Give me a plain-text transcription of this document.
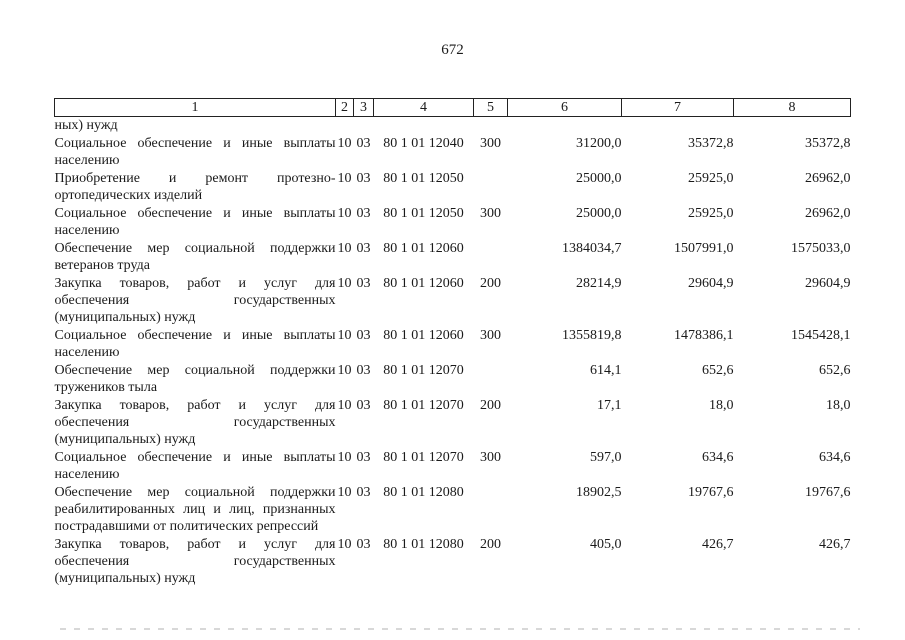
672
1	2	3	4	5	6	7	8
ных) нужд							
Социальное обеспечение и иные выплаты населению	10	03	80 1 01 12040	300	31200,0	35372,8	35372,8
Приобретение и ремонт протезно-ортопедических изделий	10	03	80 1 01 12050		25000,0	25925,0	26962,0
Социальное обеспечение и иные выплаты населению	10	03	80 1 01 12050	300	25000,0	25925,0	26962,0
Обеспечение мер социальной поддержки ветеранов труда	10	03	80 1 01 12060		1384034,7	1507991,0	1575033,0
Закупка товаров, работ и услуг для обеспечения государственных (муниципальных) нужд	10	03	80 1 01 12060	200	28214,9	29604,9	29604,9
Социальное обеспечение и иные выплаты населению	10	03	80 1 01 12060	300	1355819,8	1478386,1	1545428,1
Обеспечение мер социальной поддержки тружеников тыла	10	03	80 1 01 12070		614,1	652,6	652,6
Закупка товаров, работ и услуг для обеспечения государственных (муниципальных) нужд	10	03	80 1 01 12070	200	17,1	18,0	18,0
Социальное обеспечение и иные выплаты населению	10	03	80 1 01 12070	300	597,0	634,6	634,6
Обеспечение мер социальной поддержки реабилитированных лиц и лиц, признанных пострадавшими от политических репрессий	10	03	80 1 01 12080		18902,5	19767,6	19767,6
Закупка товаров, работ и услуг для обеспечения государственных (муниципальных) нужд	10	03	80 1 01 12080	200	405,0	426,7	426,7
